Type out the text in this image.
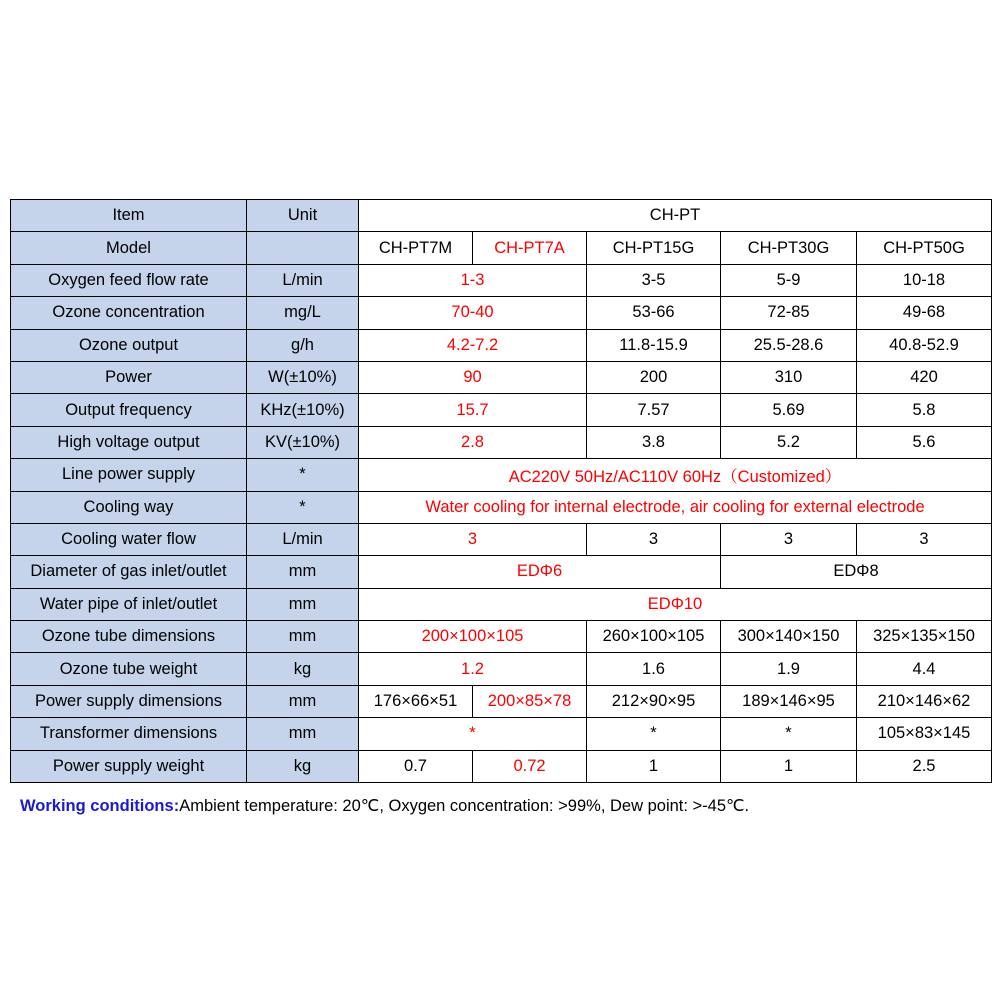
Item	Unit	CH-PT				
Model		CH-PT7M	CH-PT7A	CH-PT15G	CH-PT30G	CH-PT50G
Oxygen feed flow rate	L/min	1-3		3-5	5-9	10-18
Ozone concentration	mg/L	70-40		53-66	72-85	49-68
Ozone output	g/h	4.2-7.2		11.8-15.9	25.5-28.6	40.8-52.9
Power	W(±10%)	90		200	310	420
Output frequency	KHz(±10%)	15.7		7.57	5.69	5.8
High voltage output	KV(±10%)	2.8		3.8	5.2	5.6
Line power supply	*	AC220V 50Hz/AC110V 60Hz（Customized）				
Cooling way	*	Water cooling for internal electrode, air cooling for external electrode				
Cooling water flow	L/min	3		3	3	3
Diameter of gas inlet/outlet	mm	EDΦ6			EDΦ8	
Water pipe of inlet/outlet	mm	EDΦ10				
Ozone tube dimensions	mm	200×100×105		260×100×105	300×140×150	325×135×150
Ozone tube weight	kg	1.2		1.6	1.9	4.4
Power supply dimensions	mm	176×66×51	200×85×78	212×90×95	189×146×95	210×146×62
Transformer dimensions	mm	*		*	*	105×83×145
Power supply weight	kg	0.7	0.72	1	1	2.5
Working conditions:Ambient temperature: 20℃, Oxygen concentration: >99%, Dew point: >-45℃.
